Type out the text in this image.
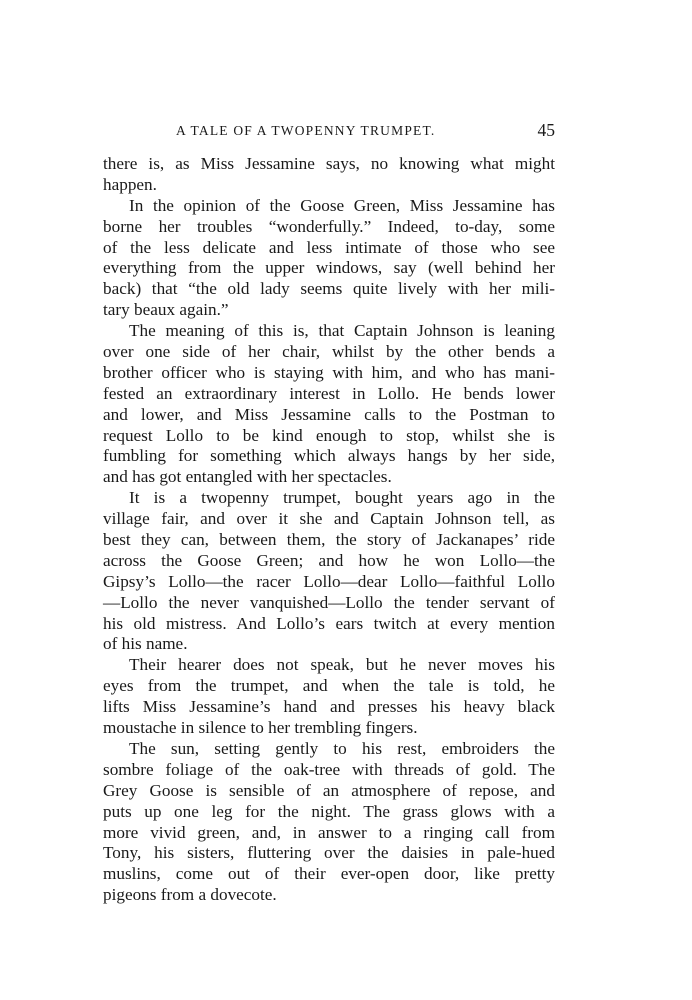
A TALE OF A TWOPENNY TRUMPET.	45

there is, as Miss Jessamine says, no knowing what might
happen.

In the opinion of the Goose Green, Miss Jessamine has
borne her troubles “wonderfully.” Indeed, to-day, some
of the less delicate and less intimate of those who see
everything from the upper windows, say (well behind her
back) that “the old lady seems quite lively with her mili-
tary beaux again.”

The meaning of this is, that Captain Johnson is leaning
over one side of her chair, whilst by the other bends a
brother officer who is staying with him, and who has mani-
fested an extraordinary interest in Lollo. He bends lower
and lower, and Miss Jessamine calls to the Postman to
request Lollo to be kind enough to stop, whilst she is
fumbling for something which always hangs by her side,
and has got entangled with her spectacles.

It is a twopenny trumpet, bought years ago in the
village fair, and over it she and Captain Johnson tell, as
best they can, between them, the story of Jackanapes’ ride
across the Goose Green; and how he won Lollo—the
Gipsy’s Lollo—the racer Lollo—dear Lollo—faithful Lollo
—Lollo the never vanquished—Lollo the tender servant of
his old mistress. And Lollo’s ears twitch at every mention
of his name.

Their hearer does not speak, but he never moves his
eyes from the trumpet, and when the tale is told, he
lifts Miss Jessamine’s hand and presses his heavy black
moustache in silence to her trembling fingers.

The sun, setting gently to his rest, embroiders the
sombre foliage of the oak-tree with threads of gold. The
Grey Goose is sensible of an atmosphere of repose, and
puts up one leg for the night. The grass glows with a
more vivid green, and, in answer to a ringing call from
Tony, his sisters, fluttering over the daisies in pale-hued
muslins, come out of their ever-open door, like pretty
pigeons from a dovecote.
